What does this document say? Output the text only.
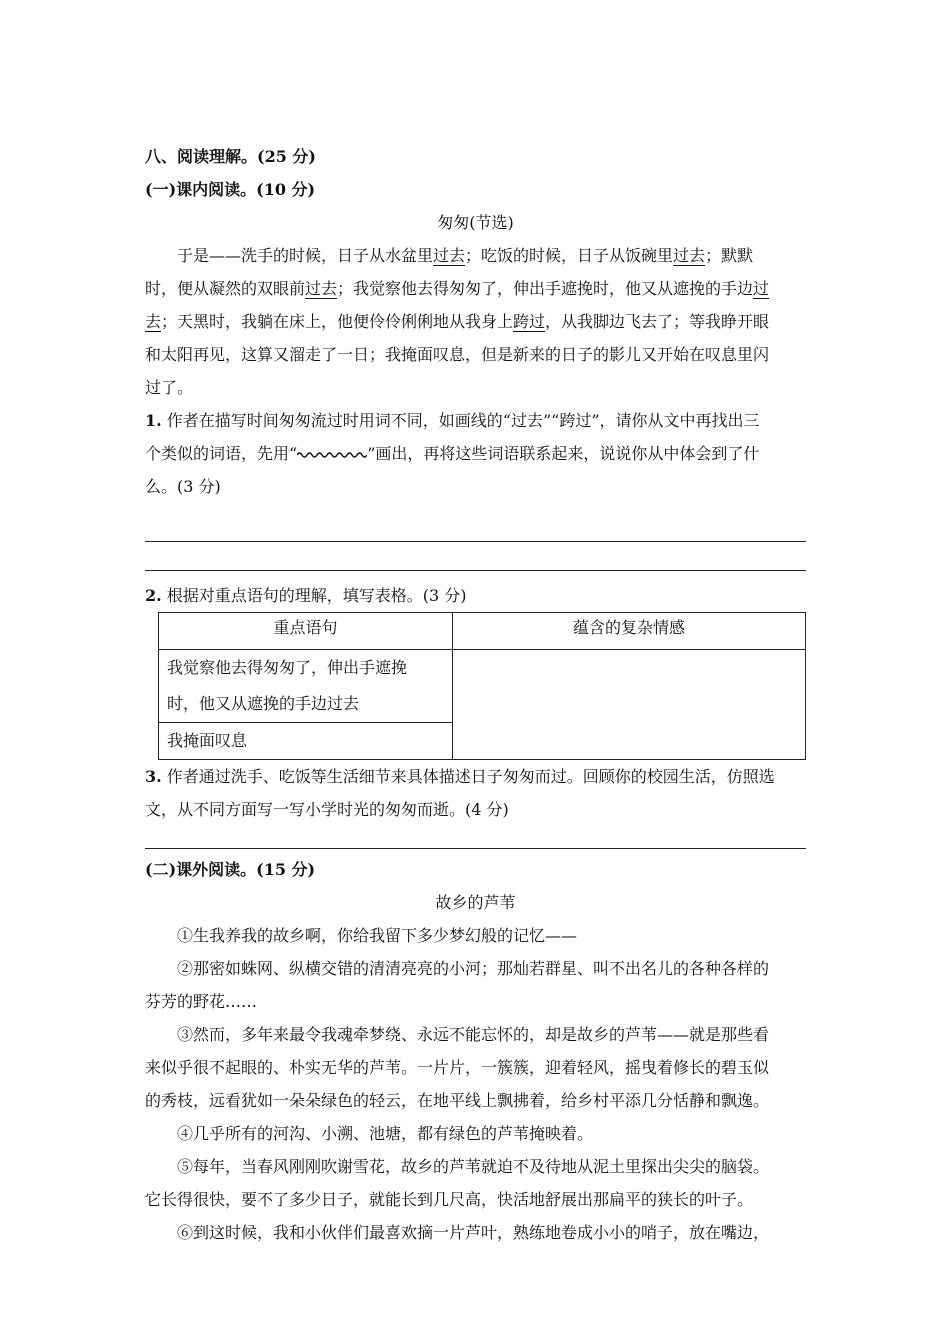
八、阅读理解。(25 分)
(一)课内阅读。(10 分)
匆匆(节选)
于是——洗手的时候，日子从水盆里过去；吃饭的时候，日子从饭碗里过去；默默
时，便从凝然的双眼前过去；我觉察他去得匆匆了，伸出手遮挽时，他又从遮挽的手边过
去；天黑时，我躺在床上，他便伶伶俐俐地从我身上跨过，从我脚边飞去了；等我睁开眼
和太阳再见，这算又溜走了一日；我掩面叹息，但是新来的日子的影儿又开始在叹息里闪
过了。
1. 作者在描写时间匆匆流过时用词不同，如画线的“过去”“跨过”，请你从文中再找出三
个类似的词语，先用“	”画出，再将这些词语联系起来，说说你从中体会到了什
么。(3 分)
2. 根据对重点语句的理解，填写表格。(3 分)
重点语句	蕴含的复杂情感

我觉察他去得匆匆了，伸出手遮挽
时，他又从遮挽的手边过去	

我掩面叹息	
3. 作者通过洗手、吃饭等生活细节来具体描述日子匆匆而过。回顾你的校园生活，仿照选
文，从不同方面写一写小学时光的匆匆而逝。(4 分)
(二)课外阅读。(15 分)
故乡的芦苇
①生我养我的故乡啊，你给我留下多少梦幻般的记忆——
②那密如蛛网、纵横交错的清清亮亮的小河；那灿若群星、叫不出名儿的各种各样的
芬芳的野花……
③然而，多年来最令我魂牵梦绕、永远不能忘怀的，却是故乡的芦苇——就是那些看
来似乎很不起眼的、朴实无华的芦苇。一片片，一簇簇，迎着轻风，摇曳着修长的碧玉似
的秀枝，远看犹如一朵朵绿色的轻云，在地平线上飘拂着，给乡村平添几分恬静和飘逸。
④几乎所有的河沟、小溯、池塘，都有绿色的芦苇掩映着。
⑤每年，当春风刚刚吹谢雪花，故乡的芦苇就迫不及待地从泥土里探出尖尖的脑袋。
它长得很快，要不了多少日子，就能长到几尺高，快活地舒展出那扁平的狭长的叶子。
⑥到这时候，我和小伙伴们最喜欢摘一片芦叶，熟练地卷成小小的哨子，放在嘴边，
